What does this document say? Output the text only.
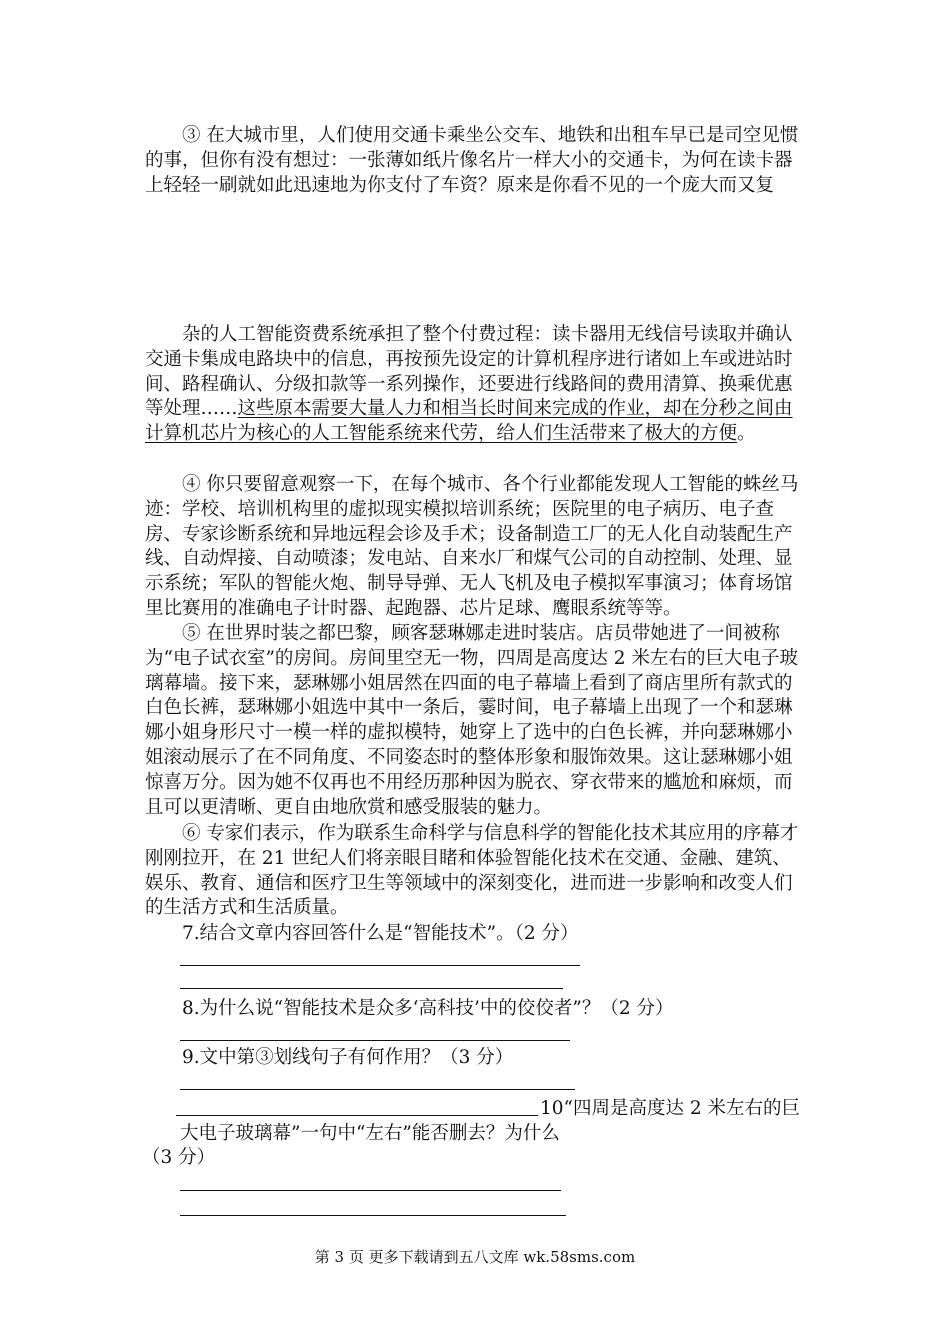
③ 在大城市里，人们使用交通卡乘坐公交车、地铁和出租车早已是司空见惯的事，但你有没有想过：一张薄如纸片像名片一样大小的交通卡，为何在读卡器上轻轻一刷就如此迅速地为你支付了车资？原来是你看不见的一个庞大而又复

杂的人工智能资费系统承担了整个付费过程：读卡器用无线信号读取并确认交通卡集成电路块中的信息，再按预先设定的计算机程序进行诸如上车或进站时间、路程确认、分级扣款等一系列操作，还要进行线路间的费用清算、换乘优惠等处理……这些原本需要大量人力和相当长时间来完成的作业，却在分秒之间由计算机芯片为核心的人工智能系统来代劳，给人们生活带来了极大的方便。

④ 你只要留意观察一下，在每个城市、各个行业都能发现人工智能的蛛丝马迹：学校、培训机构里的虚拟现实模拟培训系统；医院里的电子病历、电子查房、专家诊断系统和异地远程会诊及手术；设备制造工厂的无人化自动装配生产线、自动焊接、自动喷漆；发电站、自来水厂和煤气公司的自动控制、处理、显示系统；军队的智能火炮、制导导弹、无人飞机及电子模拟军事演习；体育场馆里比赛用的准确电子计时器、起跑器、芯片足球、鹰眼系统等等。

⑤ 在世界时装之都巴黎，顾客瑟琳娜走进时装店。店员带她进了一间被称为“电子试衣室”的房间。房间里空无一物，四周是高度达 2 米左右的巨大电子玻璃幕墙。接下来，瑟琳娜小姐居然在四面的电子幕墙上看到了商店里所有款式的白色长裤，瑟琳娜小姐选中其中一条后，霎时间，电子幕墙上出现了一个和瑟琳娜小姐身形尺寸一模一样的虚拟模特，她穿上了选中的白色长裤，并向瑟琳娜小姐滚动展示了在不同角度、不同姿态时的整体形象和服饰效果。这让瑟琳娜小姐惊喜万分。因为她不仅再也不用经历那种因为脱衣、穿衣带来的尴尬和麻烦，而且可以更清晰、更自由地欣赏和感受服装的魅力。

⑥ 专家们表示，作为联系生命科学与信息科学的智能化技术其应用的序幕才刚刚拉开，在 21 世纪人们将亲眼目睹和体验智能化技术在交通、金融、建筑、娱乐、教育、通信和医疗卫生等领域中的深刻变化，进而进一步影响和改变人们的生活方式和生活质量。

7.结合文章内容回答什么是“智能技术”。（2 分）
8.为什么说“智能技术是众多‘高科技’中的佼佼者”？（2 分）
9.文中第③划线句子有何作用？（3 分）
10“四周是高度达 2 米左右的巨
大电子玻璃幕”一句中“左右”能否删去？为什么
（3 分）
第 3 页 更多下载请到五八文库 wk.58sms.com
